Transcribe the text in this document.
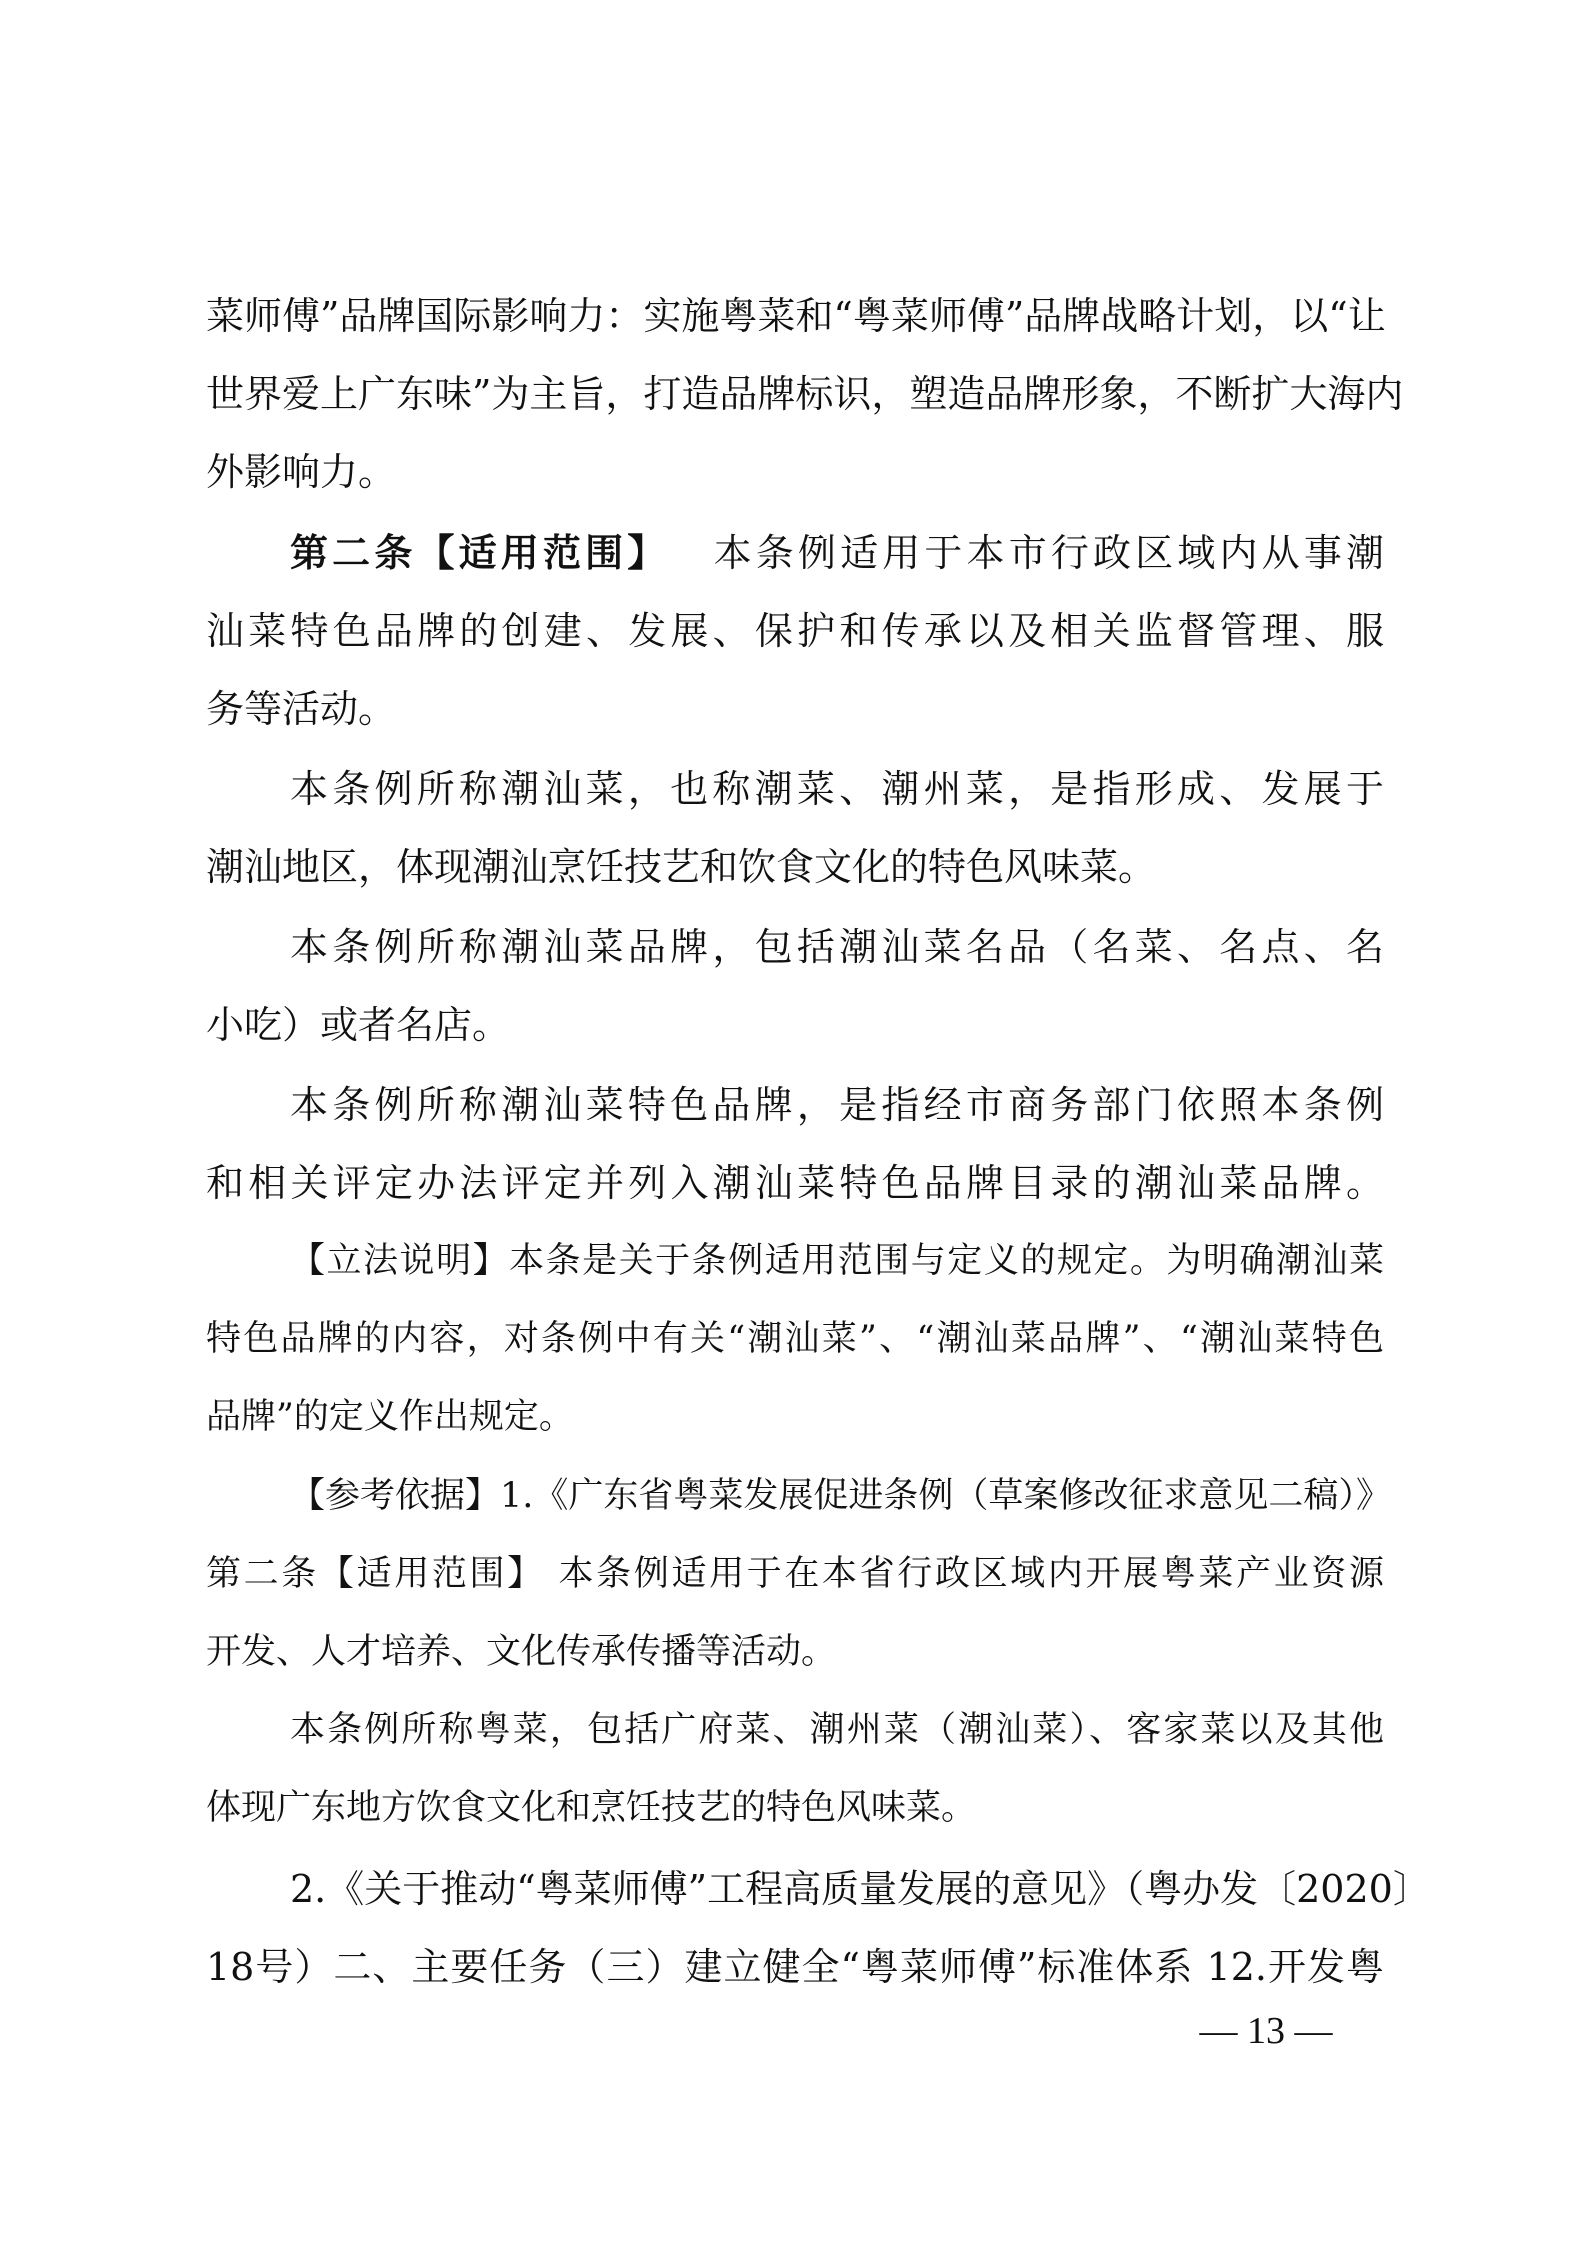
菜师傅”品牌国际影响力：实施粤菜和“粤菜师傅”品牌战略计划，以“让
世界爱上广东味”为主旨，打造品牌标识，塑造品牌形象，不断扩大海内
外影响力。
第二条【适用范围】 本条例适用于本市行政区域内从事潮
汕菜特色品牌的创建、发展、保护和传承以及相关监督管理、服
务等活动。
本条例所称潮汕菜，也称潮菜、潮州菜，是指形成、发展于
潮汕地区，体现潮汕烹饪技艺和饮食文化的特色风味菜。
本条例所称潮汕菜品牌，包括潮汕菜名品（名菜、名点、名
小吃）或者名店。
本条例所称潮汕菜特色品牌，是指经市商务部门依照本条例
和相关评定办法评定并列入潮汕菜特色品牌目录的潮汕菜品牌。
【立法说明】本条是关于条例适用范围与定义的规定。为明确潮汕菜
特色品牌的内容，对条例中有关“潮汕菜”、“潮汕菜品牌”、“潮汕菜特色
品牌”的定义作出规定。
【参考依据】1.《广东省粤菜发展促进条例（草案修改征求意见二稿）》
第二条【适用范围】 本条例适用于在本省行政区域内开展粤菜产业资源
开发、人才培养、文化传承传播等活动。
本条例所称粤菜，包括广府菜、潮州菜（潮汕菜）、客家菜以及其他
体现广东地方饮食文化和烹饪技艺的特色风味菜。
2.《关于推动“粤菜师傅”工程高质量发展的意见》（粤办发〔2020〕
18号）二、主要任务（三）建立健全“粤菜师傅”标准体系 12.开发粤
— 13 —
